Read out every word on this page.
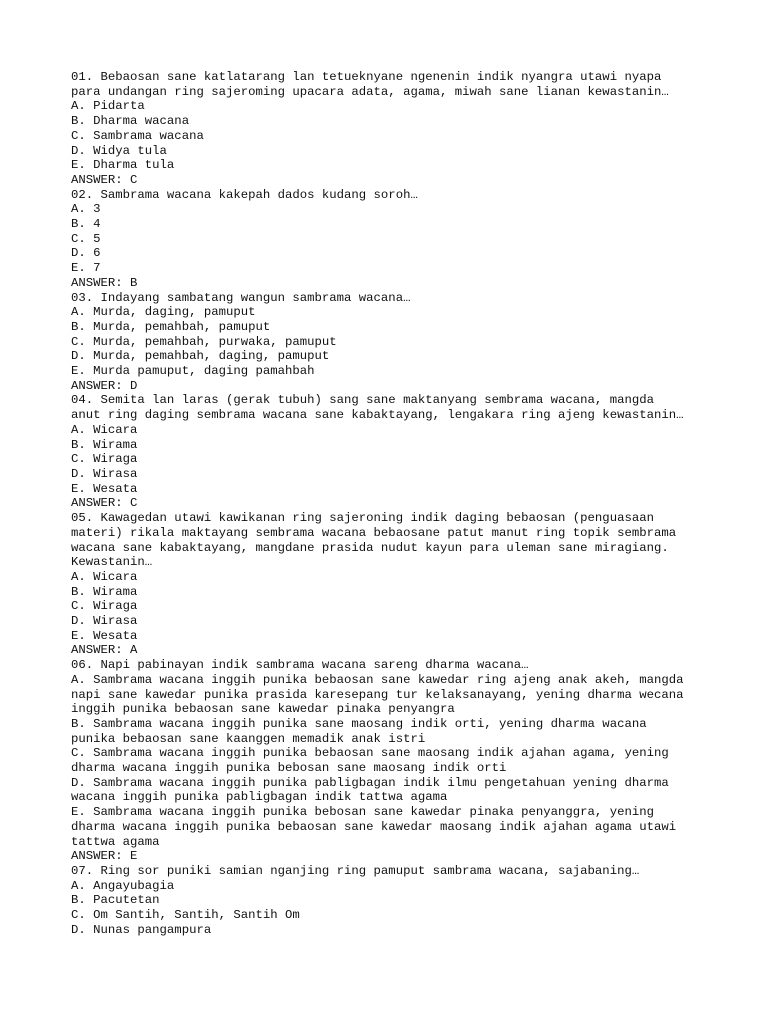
01. Bebaosan sane katlatarang lan tetueknyane ngenenin indik nyangra utawi nyapa

para undangan ring sajeroming upacara adata, agama, miwah sane lianan kewastanin…

A. Pidarta

B. Dharma wacana

C. Sambrama wacana

D. Widya tula

E. Dharma tula

ANSWER: C

02. Sambrama wacana kakepah dados kudang soroh…

A. 3

B. 4

C. 5

D. 6

E. 7

ANSWER: B

03. Indayang sambatang wangun sambrama wacana…

A. Murda, daging, pamuput

B. Murda, pemahbah, pamuput

C. Murda, pemahbah, purwaka, pamuput

D. Murda, pemahbah, daging, pamuput

E. Murda pamuput, daging pamahbah

ANSWER: D

04. Semita lan laras (gerak tubuh) sang sane maktanyang sembrama wacana, mangda

anut ring daging sembrama wacana sane kabaktayang, lengakara ring ajeng kewastanin…

A. Wicara

B. Wirama

C. Wiraga

D. Wirasa

E. Wesata

ANSWER: C

05. Kawagedan utawi kawikanan ring sajeroning indik daging bebaosan (penguasaan

materi) rikala maktayang sembrama wacana bebaosane patut manut ring topik sembrama

wacana sane kabaktayang, mangdane prasida nudut kayun para uleman sane miragiang.

Kewastanin…

A. Wicara

B. Wirama

C. Wiraga

D. Wirasa

E. Wesata

ANSWER: A

06. Napi pabinayan indik sambrama wacana sareng dharma wacana…

A. Sambrama wacana inggih punika bebaosan sane kawedar ring ajeng anak akeh, mangda

napi sane kawedar punika prasida karesepang tur kelaksanayang, yening dharma wecana

inggih punika bebaosan sane kawedar pinaka penyangra

B. Sambrama wacana inggih punika sane maosang indik orti, yening dharma wacana

punika bebaosan sane kaanggen memadik anak istri

C. Sambrama wacana inggih punika bebaosan sane maosang indik ajahan agama, yening

dharma wacana inggih punika bebosan sane maosang indik orti

D. Sambrama wacana inggih punika pabligbagan indik ilmu pengetahuan yening dharma

wacana inggih punika pabligbagan indik tattwa agama

E. Sambrama wacana inggih punika bebosan sane kawedar pinaka penyanggra, yening

dharma wacana inggih punika bebaosan sane kawedar maosang indik ajahan agama utawi

tattwa agama

ANSWER: E

07. Ring sor puniki samian nganjing ring pamuput sambrama wacana, sajabaning…

A. Angayubagia

B. Pacutetan

C. Om Santih, Santih, Santih Om

D. Nunas pangampura
